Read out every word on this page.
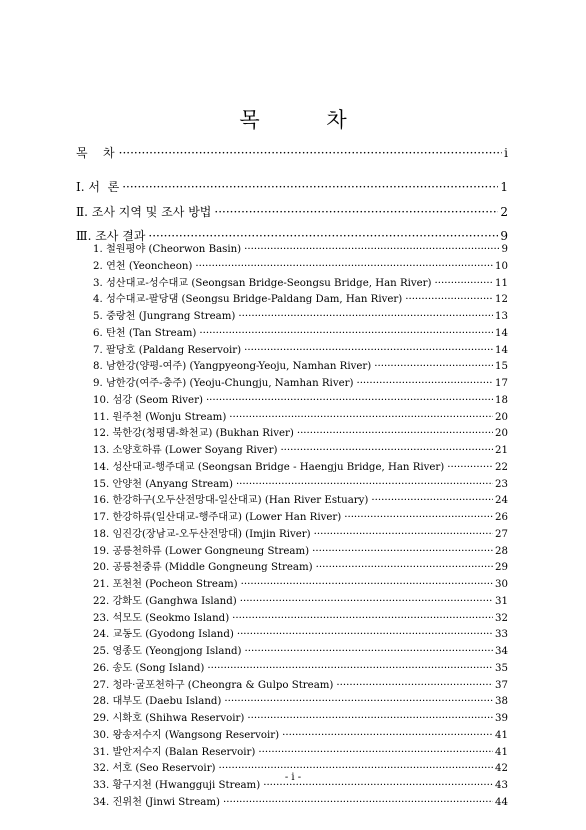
목 차
목   차 ·····	i
Ⅰ. 서  론 ·····	1
Ⅱ. 조사 지역 및 조사 방법 ·····	2
Ⅲ. 조사 결과 ·····	9
1. 철원평야 (Cheorwon Basin) ·····	9
2. 연천 (Yeoncheon) ·····	10
3. 성산대교-성수대교 (Seongsan Bridge-Seongsu Bridge, Han River) ·····	11
4. 성수대교-팔당댐 (Seongsu Bridge-Paldang Dam, Han River) ·····	12
5. 중랑천 (Jungrang Stream) ·····	13
6. 탄천 (Tan Stream) ·····	14
7. 팔당호 (Paldang Reservoir) ·····	14
8. 남한강(양평-여주) (Yangpyeong-Yeoju, Namhan River) ·····	15
9. 남한강(여주-충주) (Yeoju-Chungju, Namhan River) ·····	17
10. 섬강 (Seom River) ·····	18
11. 원주천 (Wonju Stream) ·····	20
12. 북한강(청평댐-화천교) (Bukhan River) ·····	20
13. 소양호하류 (Lower Soyang River) ·····	21
14. 성산대교-행주대교 (Seongsan Bridge - Haengju Bridge, Han River) ·····	22
15. 안양천 (Anyang Stream) ·····	23
16. 한강하구(오두산전망대-일산대교) (Han River Estuary) ·····	24
17. 한강하류(일산대교-행주대교) (Lower Han River) ·····	26
18. 임진강(장남교-오두산전망대) (Imjin River) ·····	27
19. 공릉천하류 (Lower Gongneung Stream) ·····	28
20. 공릉천중류 (Middle Gongneung Stream) ·····	29
21. 포천천 (Pocheon Stream) ·····	30
22. 강화도 (Ganghwa Island) ·····	31
23. 석모도 (Seokmo Island) ·····	32
24. 교동도 (Gyodong Island) ·····	33
25. 영종도 (Yeongjong Island) ·····	34
26. 송도 (Song Island) ·····	35
27. 청라·굴포천하구 (Cheongra & Gulpo Stream) ·····	37
28. 대부도 (Daebu Island) ·····	38
29. 시화호 (Shihwa Reservoir) ·····	39
30. 왕송저수지 (Wangsong Reservoir) ·····	41
31. 발안저수지 (Balan Reservoir) ·····	41
32. 서호 (Seo Reservoir) ·····	42
33. 황구지천 (Hwangguji Stream) ·····	43
34. 진위천 (Jinwi Stream) ·····	44
- i -
